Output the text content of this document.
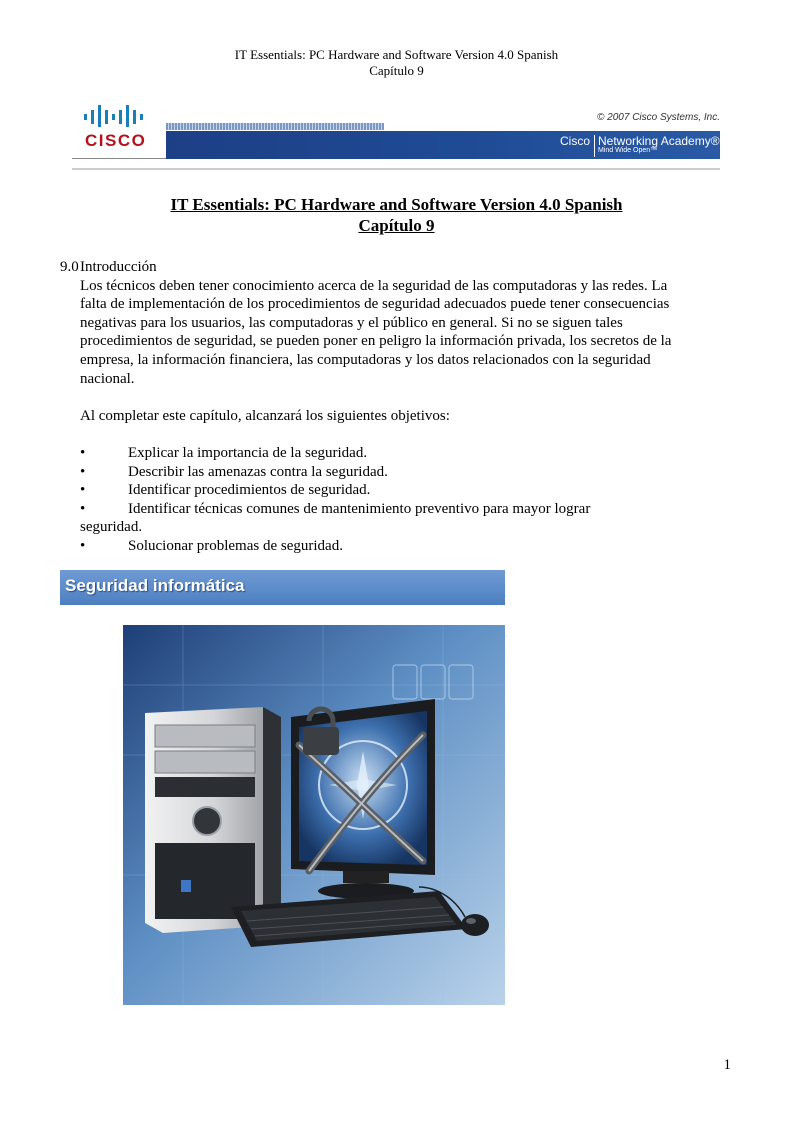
IT Essentials: PC Hardware and Software Version 4.0 Spanish
Capítulo 9
CISCO
© 2007 Cisco Systems, Inc.
Cisco Networking Academy®
Mind Wide Open™
IT Essentials: PC Hardware and Software Version 4.0 Spanish
Capítulo 9
9.0 Introducción

Los técnicos deben tener conocimiento acerca de la seguridad de las computadoras y las redes. La falta de implementación de los procedimientos de seguridad adecuados puede tener consecuencias negativas para los usuarios, las computadoras y el público en general. Si no se siguen tales procedimientos de seguridad, se pueden poner en peligro la información privada, los secretos de la empresa, la información financiera, las computadoras y los datos relacionados con la seguridad nacional.

Al completar este capítulo, alcanzará los siguientes objetivos:

•	Explicar la importancia de la seguridad.
•	Describir las amenazas contra la seguridad.
•	Identificar procedimientos de seguridad.
•	Identificar técnicas comunes de mantenimiento preventivo para mayor lograr
seguridad.
•	Solucionar problemas de seguridad.
Seguridad informática
1
